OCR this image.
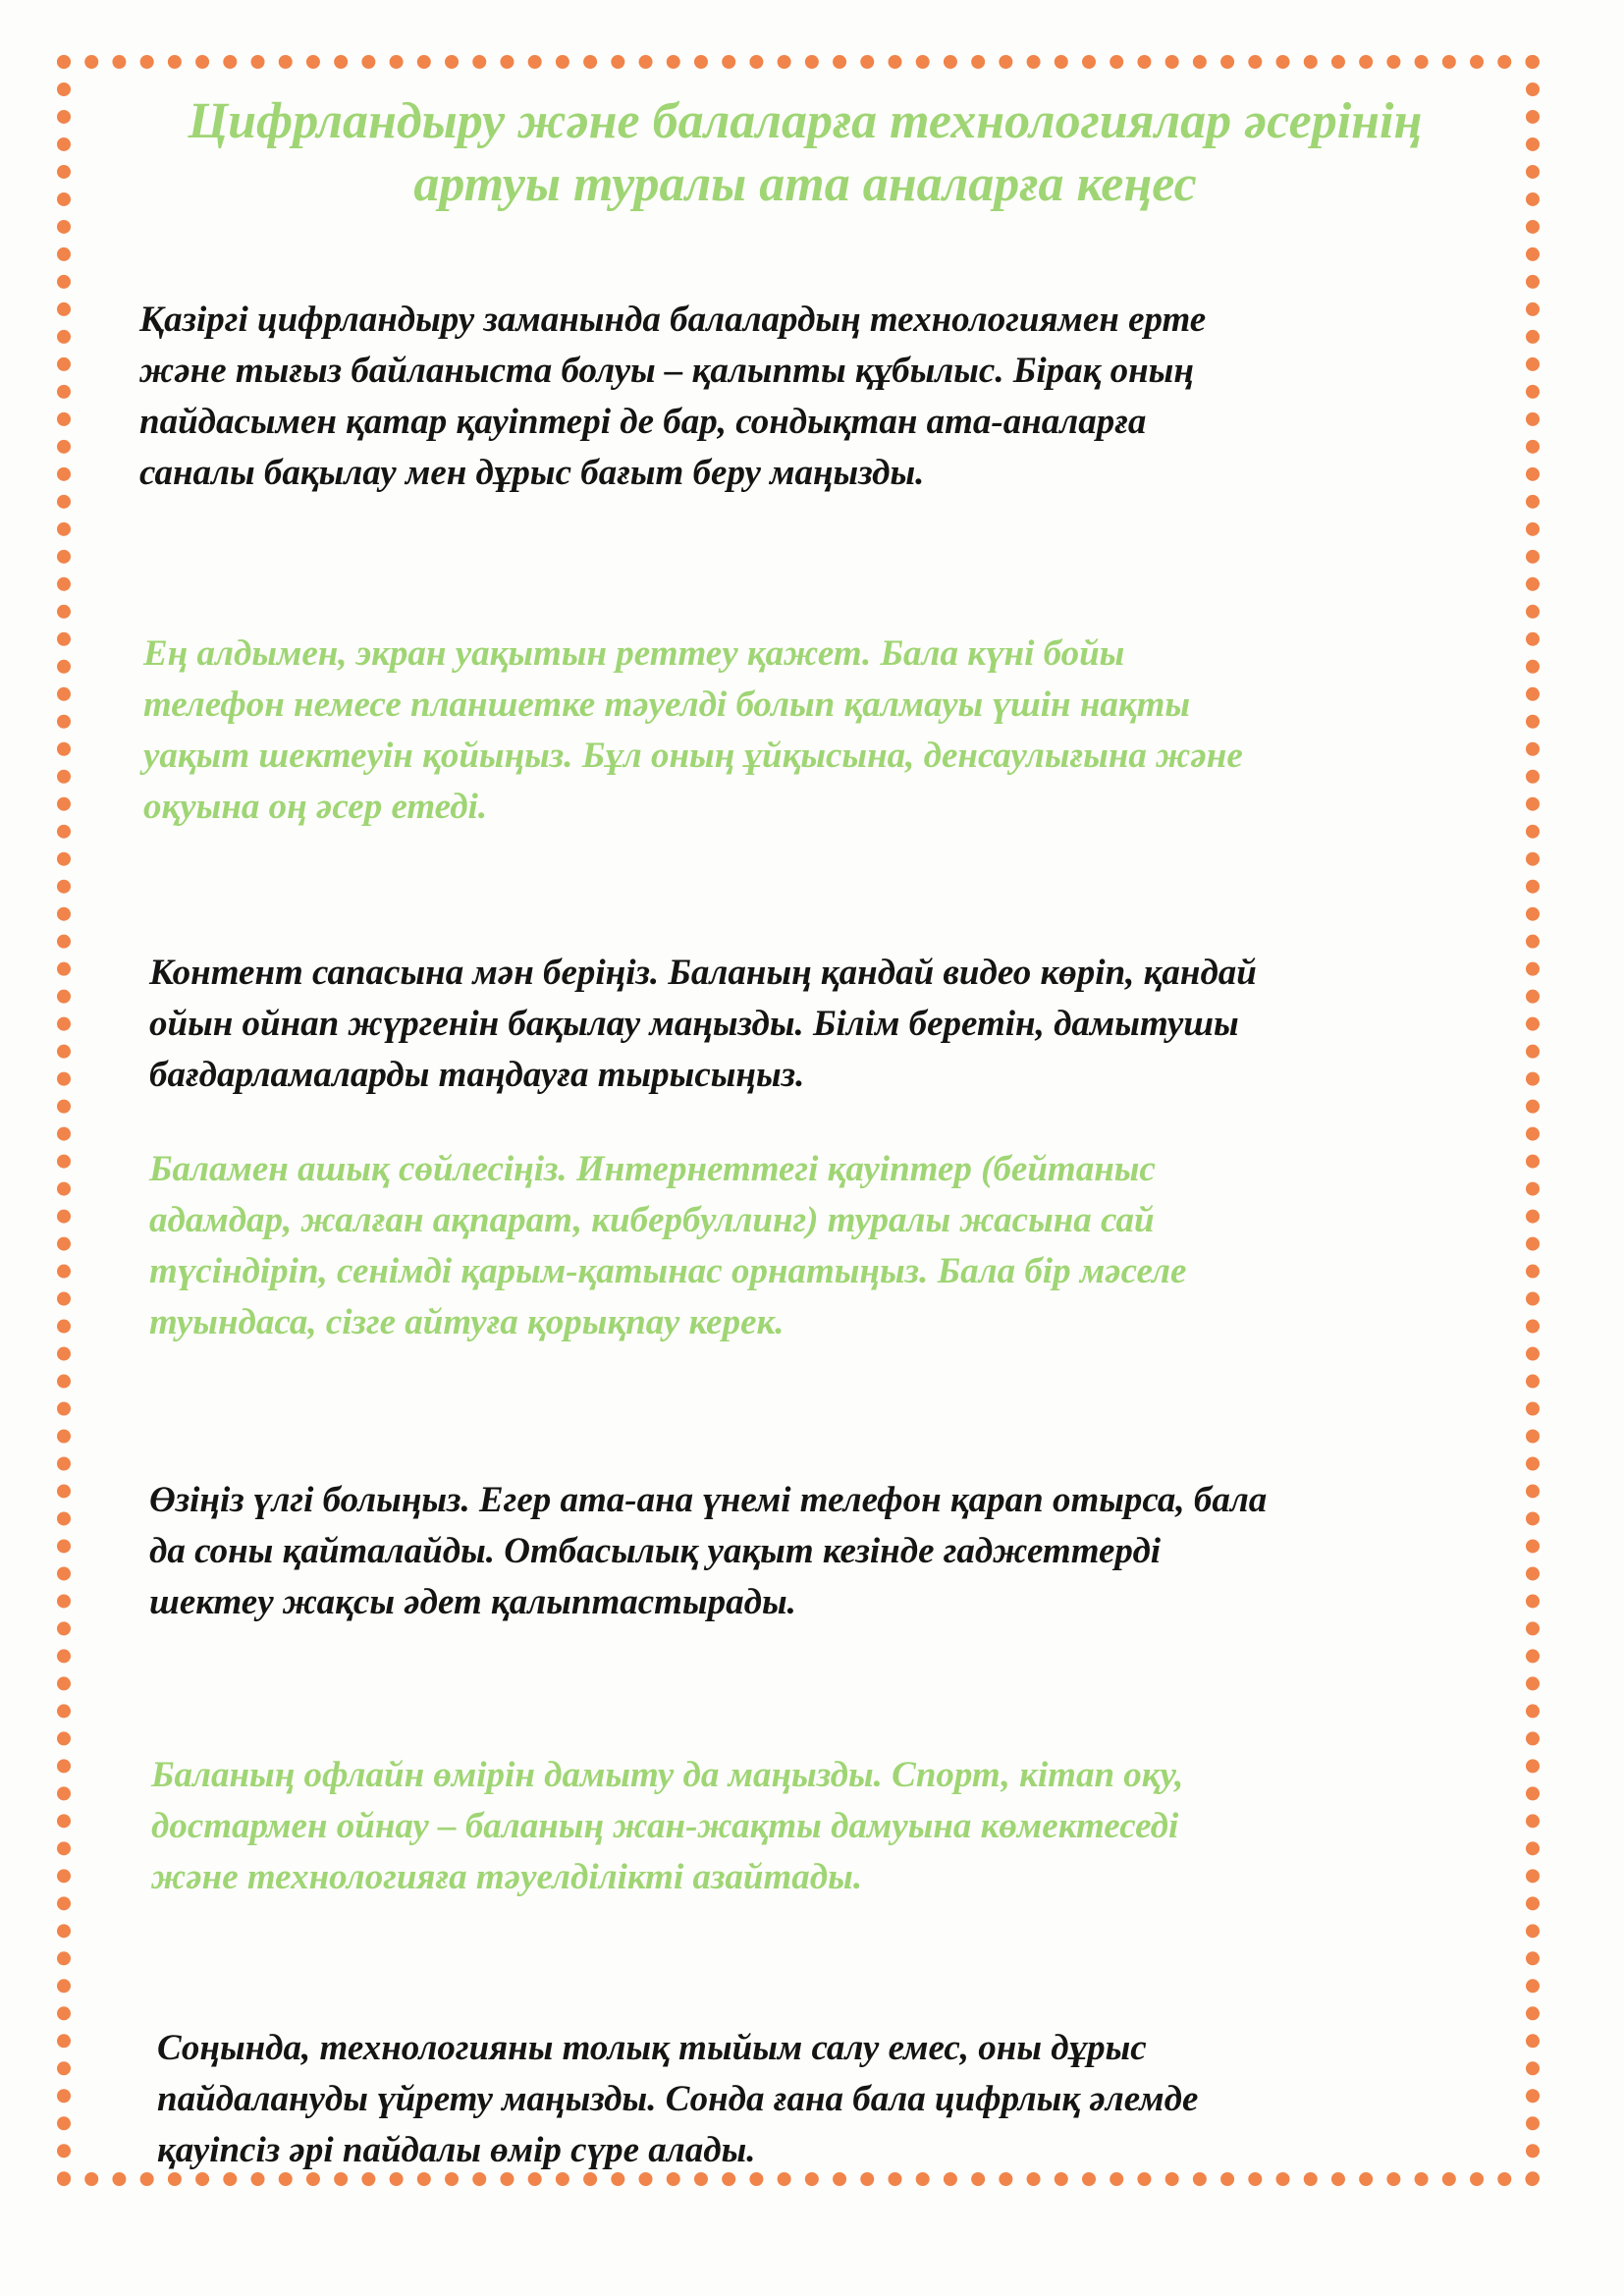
Цифрландыру және балаларға технологиялар әсерінің
артуы туралы ата аналарға кеңес

Қазіргі цифрландыру заманында балалардың технологиямен ерте
және тығыз байланыста болуы – қалыпты құбылыс. Бірақ оның
пайдасымен қатар қауіптері де бар, сондықтан ата-аналарға
саналы бақылау мен дұрыс бағыт беру маңызды.

Ең алдымен, экран уақытын реттеу қажет. Бала күні бойы
телефон немесе планшетке тәуелді болып қалмауы үшін нақты
уақыт шектеуін қойыңыз. Бұл оның ұйқысына, денсаулығына және
оқуына оң әсер етеді.

Контент сапасына мән беріңіз. Баланың қандай видео көріп, қандай
ойын ойнап жүргенін бақылау маңызды. Білім беретін, дамытушы
бағдарламаларды таңдауға тырысыңыз.

Баламен ашық сөйлесіңіз. Интернеттегі қауіптер (бейтаныс
адамдар, жалған ақпарат, кибербуллинг) туралы жасына сай
түсіндіріп, сенімді қарым-қатынас орнатыңыз. Бала бір мәселе
туындаса, сізге айтуға қорықпау керек.

Өзіңіз үлгі болыңыз. Егер ата-ана үнемі телефон қарап отырса, бала
да соны қайталайды. Отбасылық уақыт кезінде гаджеттерді
шектеу жақсы әдет қалыптастырады.

Баланың офлайн өмірін дамыту да маңызды. Спорт, кітап оқу,
достармен ойнау – баланың жан-жақты дамуына көмектеседі
және технологияға тәуелділікті азайтады.

Соңында, технологияны толық тыйым салу емес, оны дұрыс
пайдалануды үйрету маңызды. Сонда ғана бала цифрлық әлемде
қауіпсіз әрі пайдалы өмір сүре алады.
